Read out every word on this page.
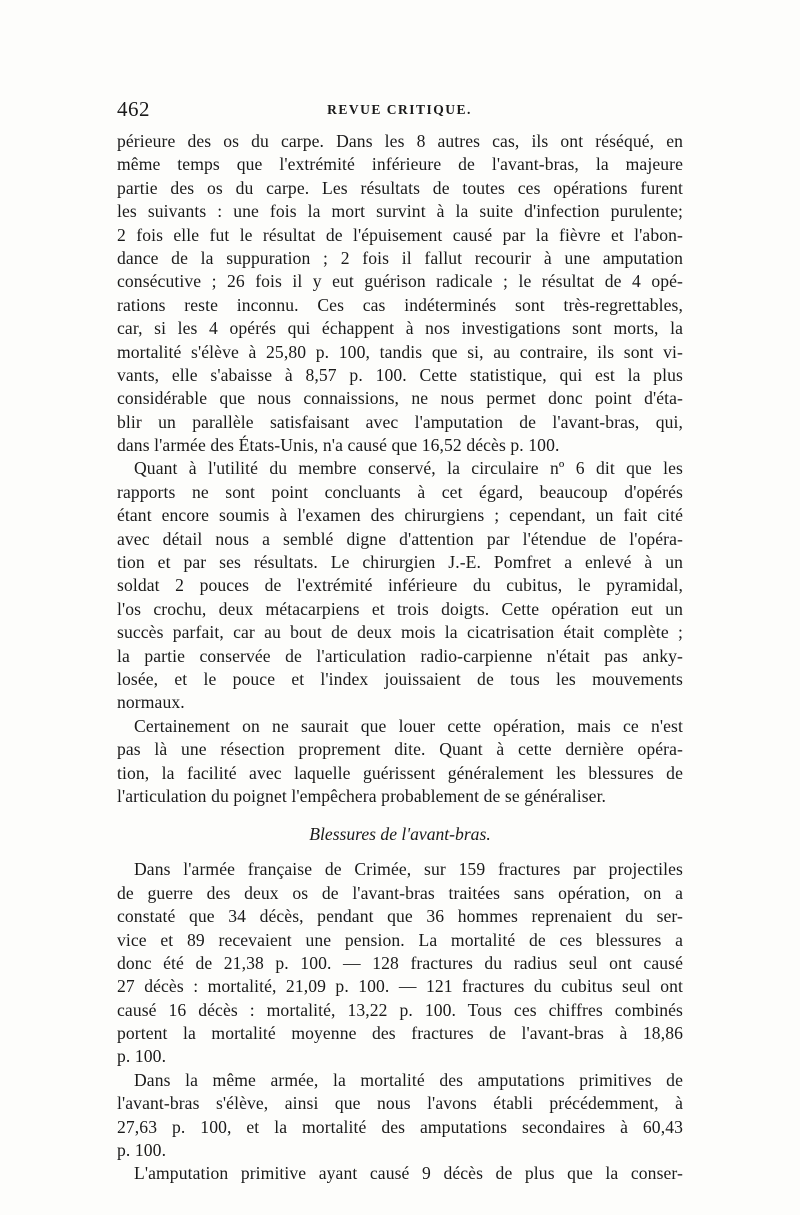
462	REVUE CRITIQUE.
périeure des os du carpe. Dans les 8 autres cas, ils ont réséqué, en
même temps que l'extrémité inférieure de l'avant-bras, la majeure
partie des os du carpe. Les résultats de toutes ces opérations furent
les suivants : une fois la mort survint à la suite d'infection purulente;
2 fois elle fut le résultat de l'épuisement causé par la fièvre et l'abon-
dance de la suppuration ; 2 fois il fallut recourir à une amputation
consécutive ; 26 fois il y eut guérison radicale ; le résultat de 4 opé-
rations reste inconnu. Ces cas indéterminés sont très-regrettables,
car, si les 4 opérés qui échappent à nos investigations sont morts, la
mortalité s'élève à 25,80 p. 100, tandis que si, au contraire, ils sont vi-
vants, elle s'abaisse à 8,57 p. 100. Cette statistique, qui est la plus
considérable que nous connaissions, ne nous permet donc point d'éta-
blir un parallèle satisfaisant avec l'amputation de l'avant-bras, qui,
dans l'armée des États-Unis, n'a causé que 16,52 décès p. 100.
Quant à l'utilité du membre conservé, la circulaire nº 6 dit que les
rapports ne sont point concluants à cet égard, beaucoup d'opérés
étant encore soumis à l'examen des chirurgiens ; cependant, un fait cité
avec détail nous a semblé digne d'attention par l'étendue de l'opéra-
tion et par ses résultats. Le chirurgien J.-E. Pomfret a enlevé à un
soldat 2 pouces de l'extrémité inférieure du cubitus, le pyramidal,
l'os crochu, deux métacarpiens et trois doigts. Cette opération eut un
succès parfait, car au bout de deux mois la cicatrisation était complète ;
la partie conservée de l'articulation radio-carpienne n'était pas anky-
losée, et le pouce et l'index jouissaient de tous les mouvements
normaux.
Certainement on ne saurait que louer cette opération, mais ce n'est
pas là une résection proprement dite. Quant à cette dernière opéra-
tion, la facilité avec laquelle guérissent généralement les blessures de
l'articulation du poignet l'empêchera probablement de se généraliser.
Blessures de l'avant-bras.
Dans l'armée française de Crimée, sur 159 fractures par projectiles
de guerre des deux os de l'avant-bras traitées sans opération, on a
constaté que 34 décès, pendant que 36 hommes reprenaient du ser-
vice et 89 recevaient une pension. La mortalité de ces blessures a
donc été de 21,38 p. 100. — 128 fractures du radius seul ont causé
27 décès : mortalité, 21,09 p. 100. — 121 fractures du cubitus seul ont
causé 16 décès : mortalité, 13,22 p. 100. Tous ces chiffres combinés
portent la mortalité moyenne des fractures de l'avant-bras à 18,86
p. 100.
Dans la même armée, la mortalité des amputations primitives de
l'avant-bras s'élève, ainsi que nous l'avons établi précédemment, à
27,63 p. 100, et la mortalité des amputations secondaires à 60,43
p. 100.
L'amputation primitive ayant causé 9 décès de plus que la conser-
